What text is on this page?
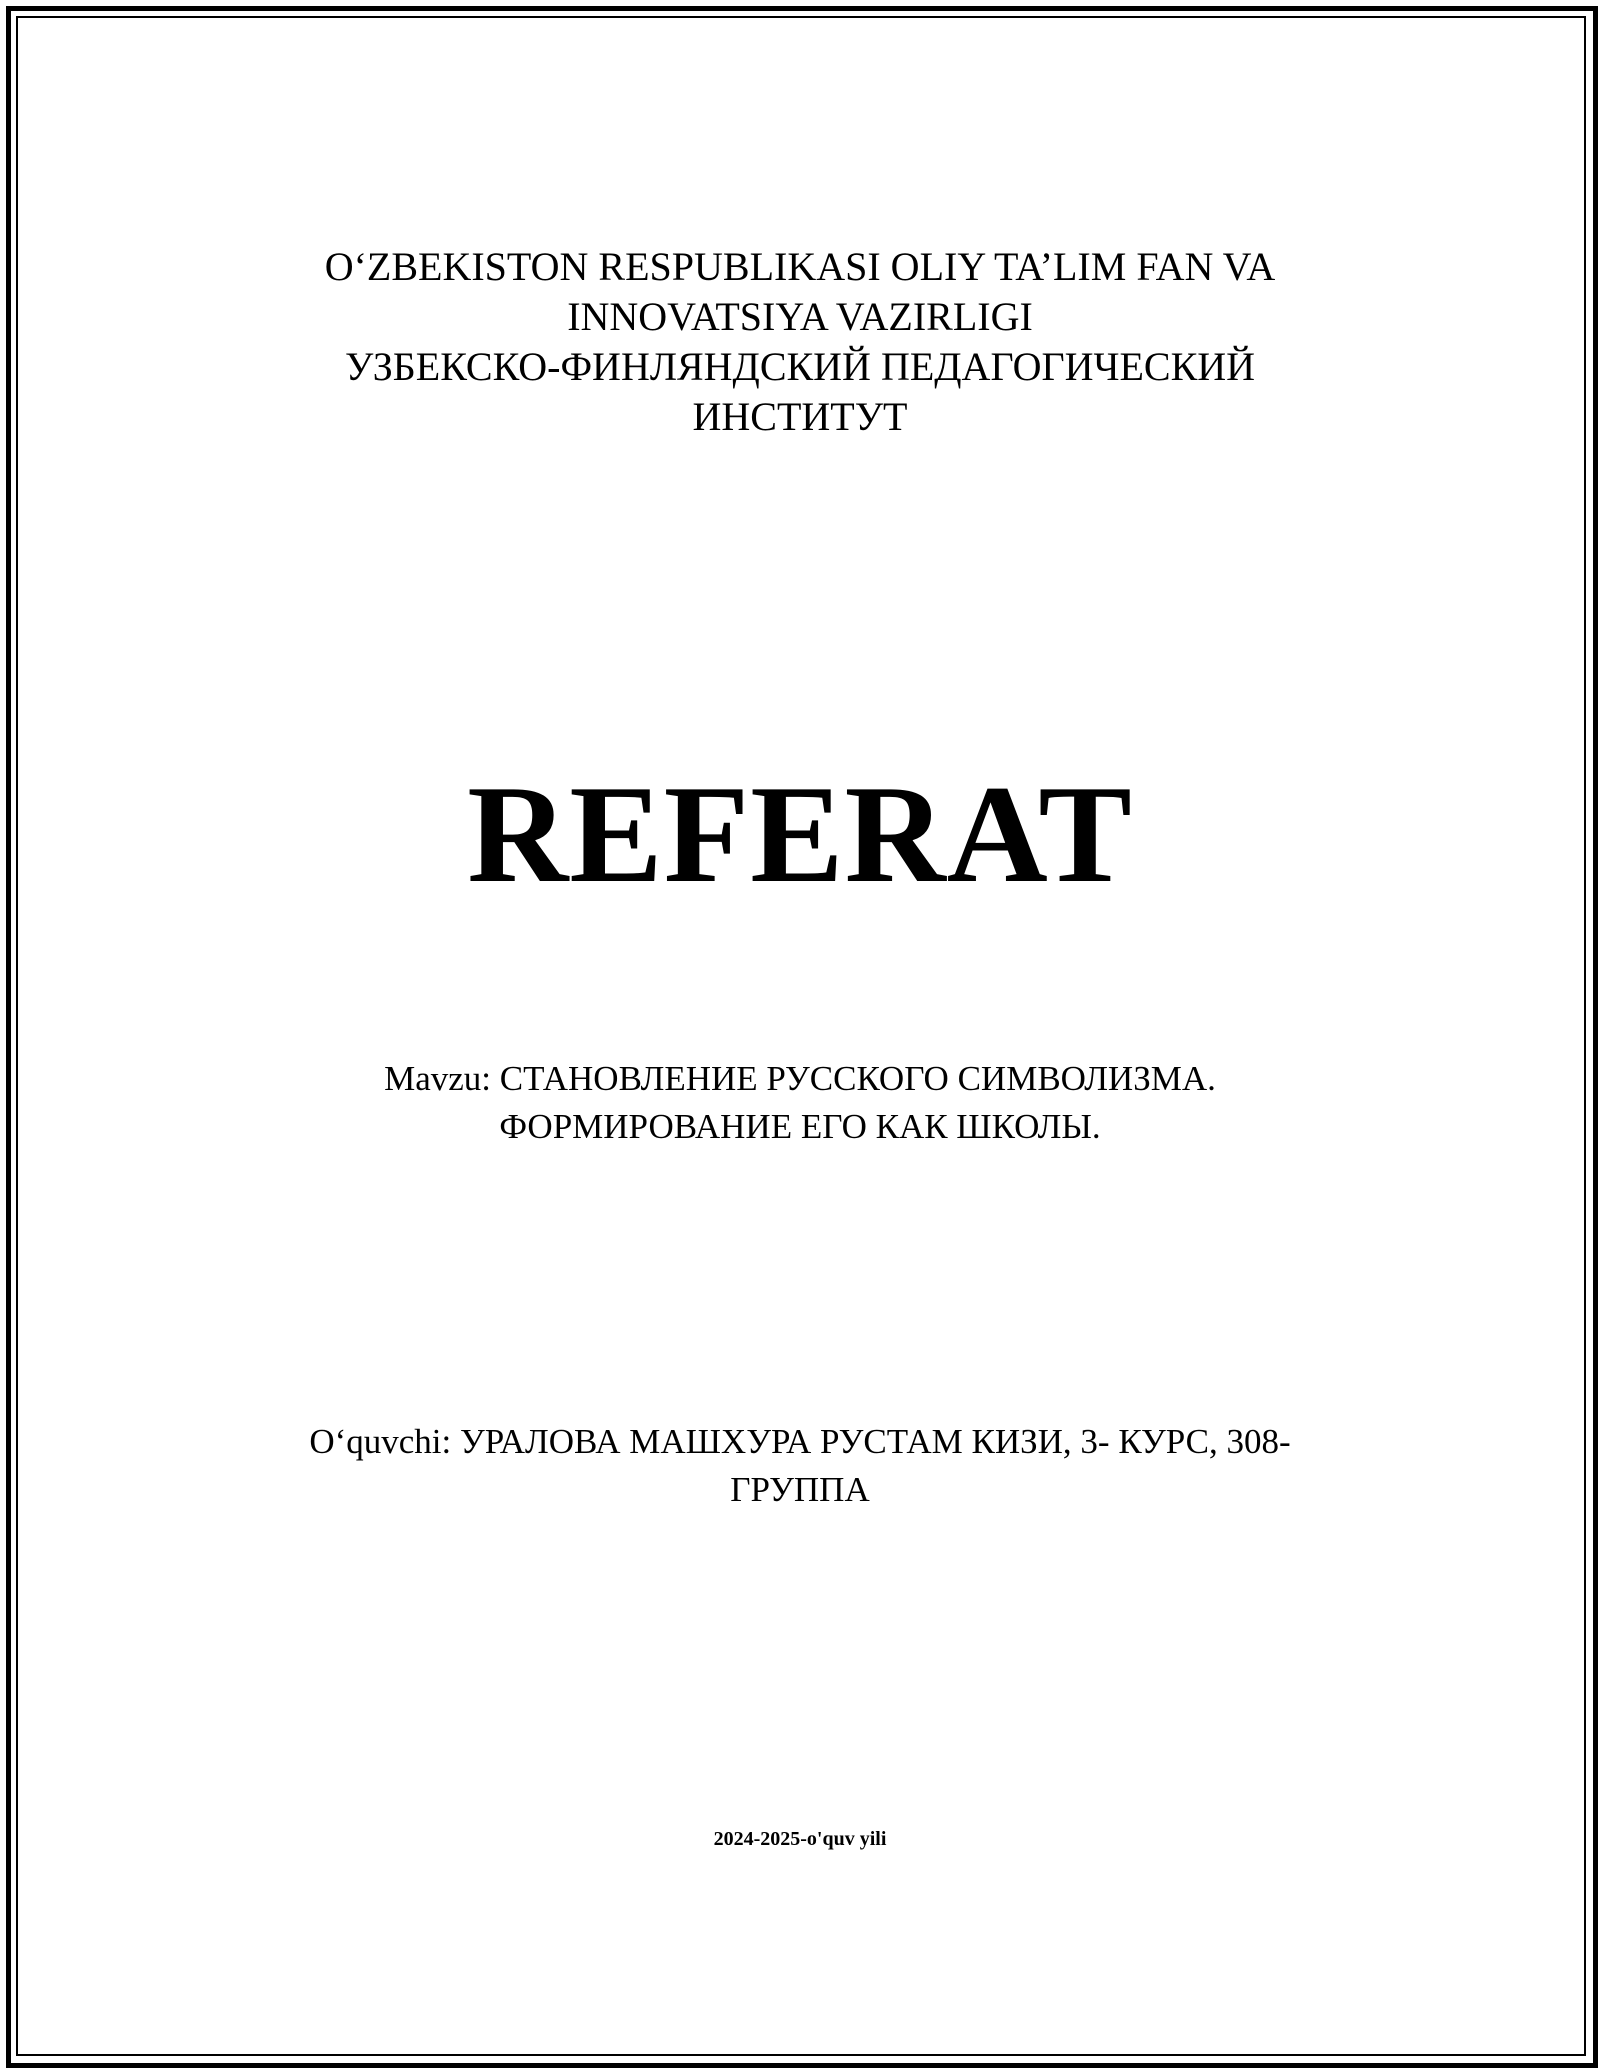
O‘ZBEKISTON RESPUBLIKASI OLIY TA’LIM FAN VA
INNOVATSIYA VAZIRLIGI
УЗБЕКСКО-ФИНЛЯНДСКИЙ ПЕДАГОГИЧЕСКИЙ
ИНСТИТУТ
REFERAT
Mavzu: СТАНОВЛЕНИЕ РУССКОГО СИМВОЛИЗМА.
ФОРМИРОВАНИЕ ЕГО КАК ШКОЛЫ.
O‘quvchi: УРАЛОВА МАШХУРА РУСТАМ КИЗИ, 3- КУРС, 308-
ГРУППА
2024-2025-o'quv yili
